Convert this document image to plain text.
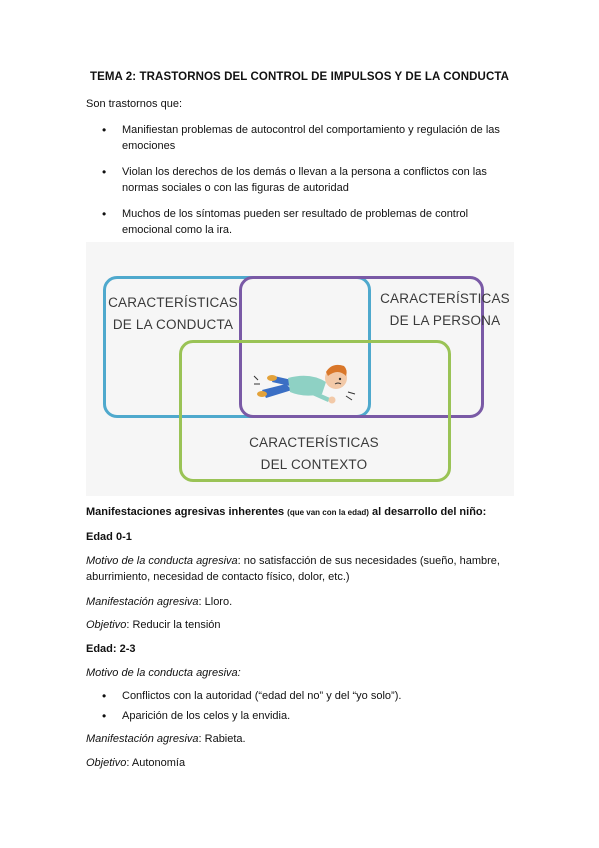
TEMA 2: TRASTORNOS DEL CONTROL DE IMPULSOS Y DE LA CONDUCTA
Son trastornos que:
• Manifiestan problemas de autocontrol del comportamiento y regulación de las emociones
• Violan los derechos de los demás o llevan a la persona a conflictos con las normas sociales o con las figuras de autoridad
• Muchos de los síntomas pueden ser resultado de problemas de control emocional como la ira.
CARACTERÍSTICAS
DE LA CONDUCTA
CARACTERÍSTICAS
DE LA PERSONA
CARACTERÍSTICAS
DEL CONTEXTO
Manifestaciones agresivas inherentes (que van con la edad) al desarrollo del niño:
Edad 0-1
Motivo de la conducta agresiva: no satisfacción de sus necesidades (sueño, hambre, aburrimiento, necesidad de contacto físico, dolor, etc.)
Manifestación agresiva: Lloro.
Objetivo: Reducir la tensión
Edad: 2-3
Motivo de la conducta agresiva:
• Conflictos con la autoridad (“edad del no” y del “yo solo”).
• Aparición de los celos y la envidia.
Manifestación agresiva: Rabieta.
Objetivo: Autonomía
